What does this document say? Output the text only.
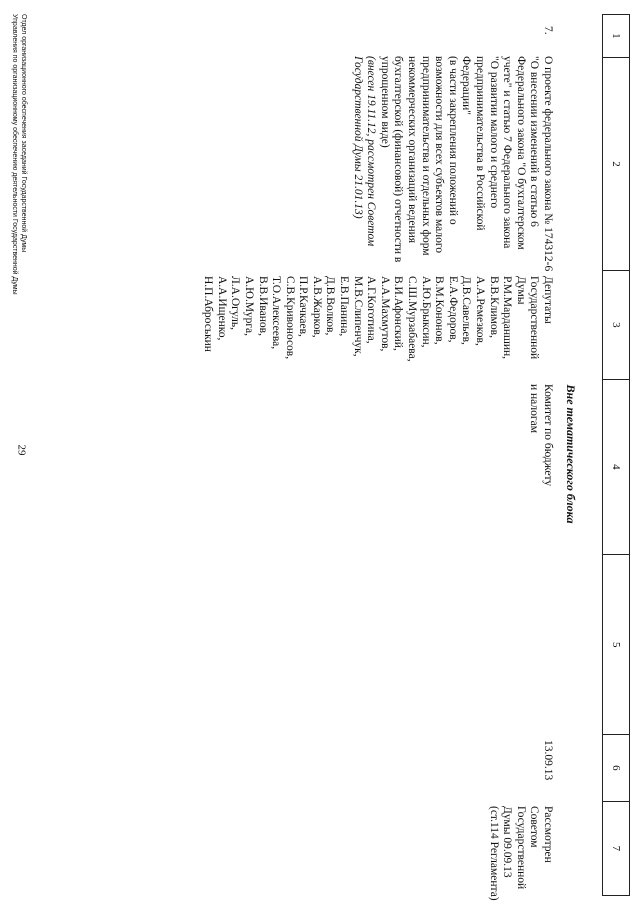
29
1
2
3
4
5
6
7
Вне тематического блока
7.
О проекте федерального закона № 174312-6
"О внесении изменений в статью 6
Федерального закона "О бухгалтерском
учете" и статью 7 Федерального закона
"О развитии малого и среднего
предпринимательства в Российской
Федерации"
(в части закрепления положений о
возможности для всех субъектов малого
предпринимательства и отдельных форм
некоммерческих организаций ведения
бухгалтерской (финансовой) отчетности в
упрощенном виде)
(внесен 19.11.12, рассмотрен Советом
Государственной Думы 21.01.13)
Депутаты
Государственной
Думы
Р.М.Марданшин,
В.В.Климов,
А.А.Ремезков,
Д.В.Савельев,
Е.А.Федоров,
В.М.Кононов,
А.Ю.Брыксин,
С.Ш.Мурзабаева,
В.И.Афонский,
А.А.Махмутов,
А.Г.Коготина,
М.В.Слипенчук,
Е.В.Панина,
Д.В.Волков,
А.В.Жарков,
П.Р.Качкаев,
С.В.Кривоносов,
Т.О.Алексеева,
В.В.Иванов,
А.Ю.Мурга,
Л.А.Огуль,
А.А.Ищенко,
Н.П.Аброськин
Комитет по бюджету
и налогам
13.09.13
Рассмотрен
Советом
Государственной
Думы 09.09.13
(ст.114 Регламента)
Отдел организационного обеспечения заседаний Государственной Думы
Управления по организационному обеспечению деятельности Государственной Думы
